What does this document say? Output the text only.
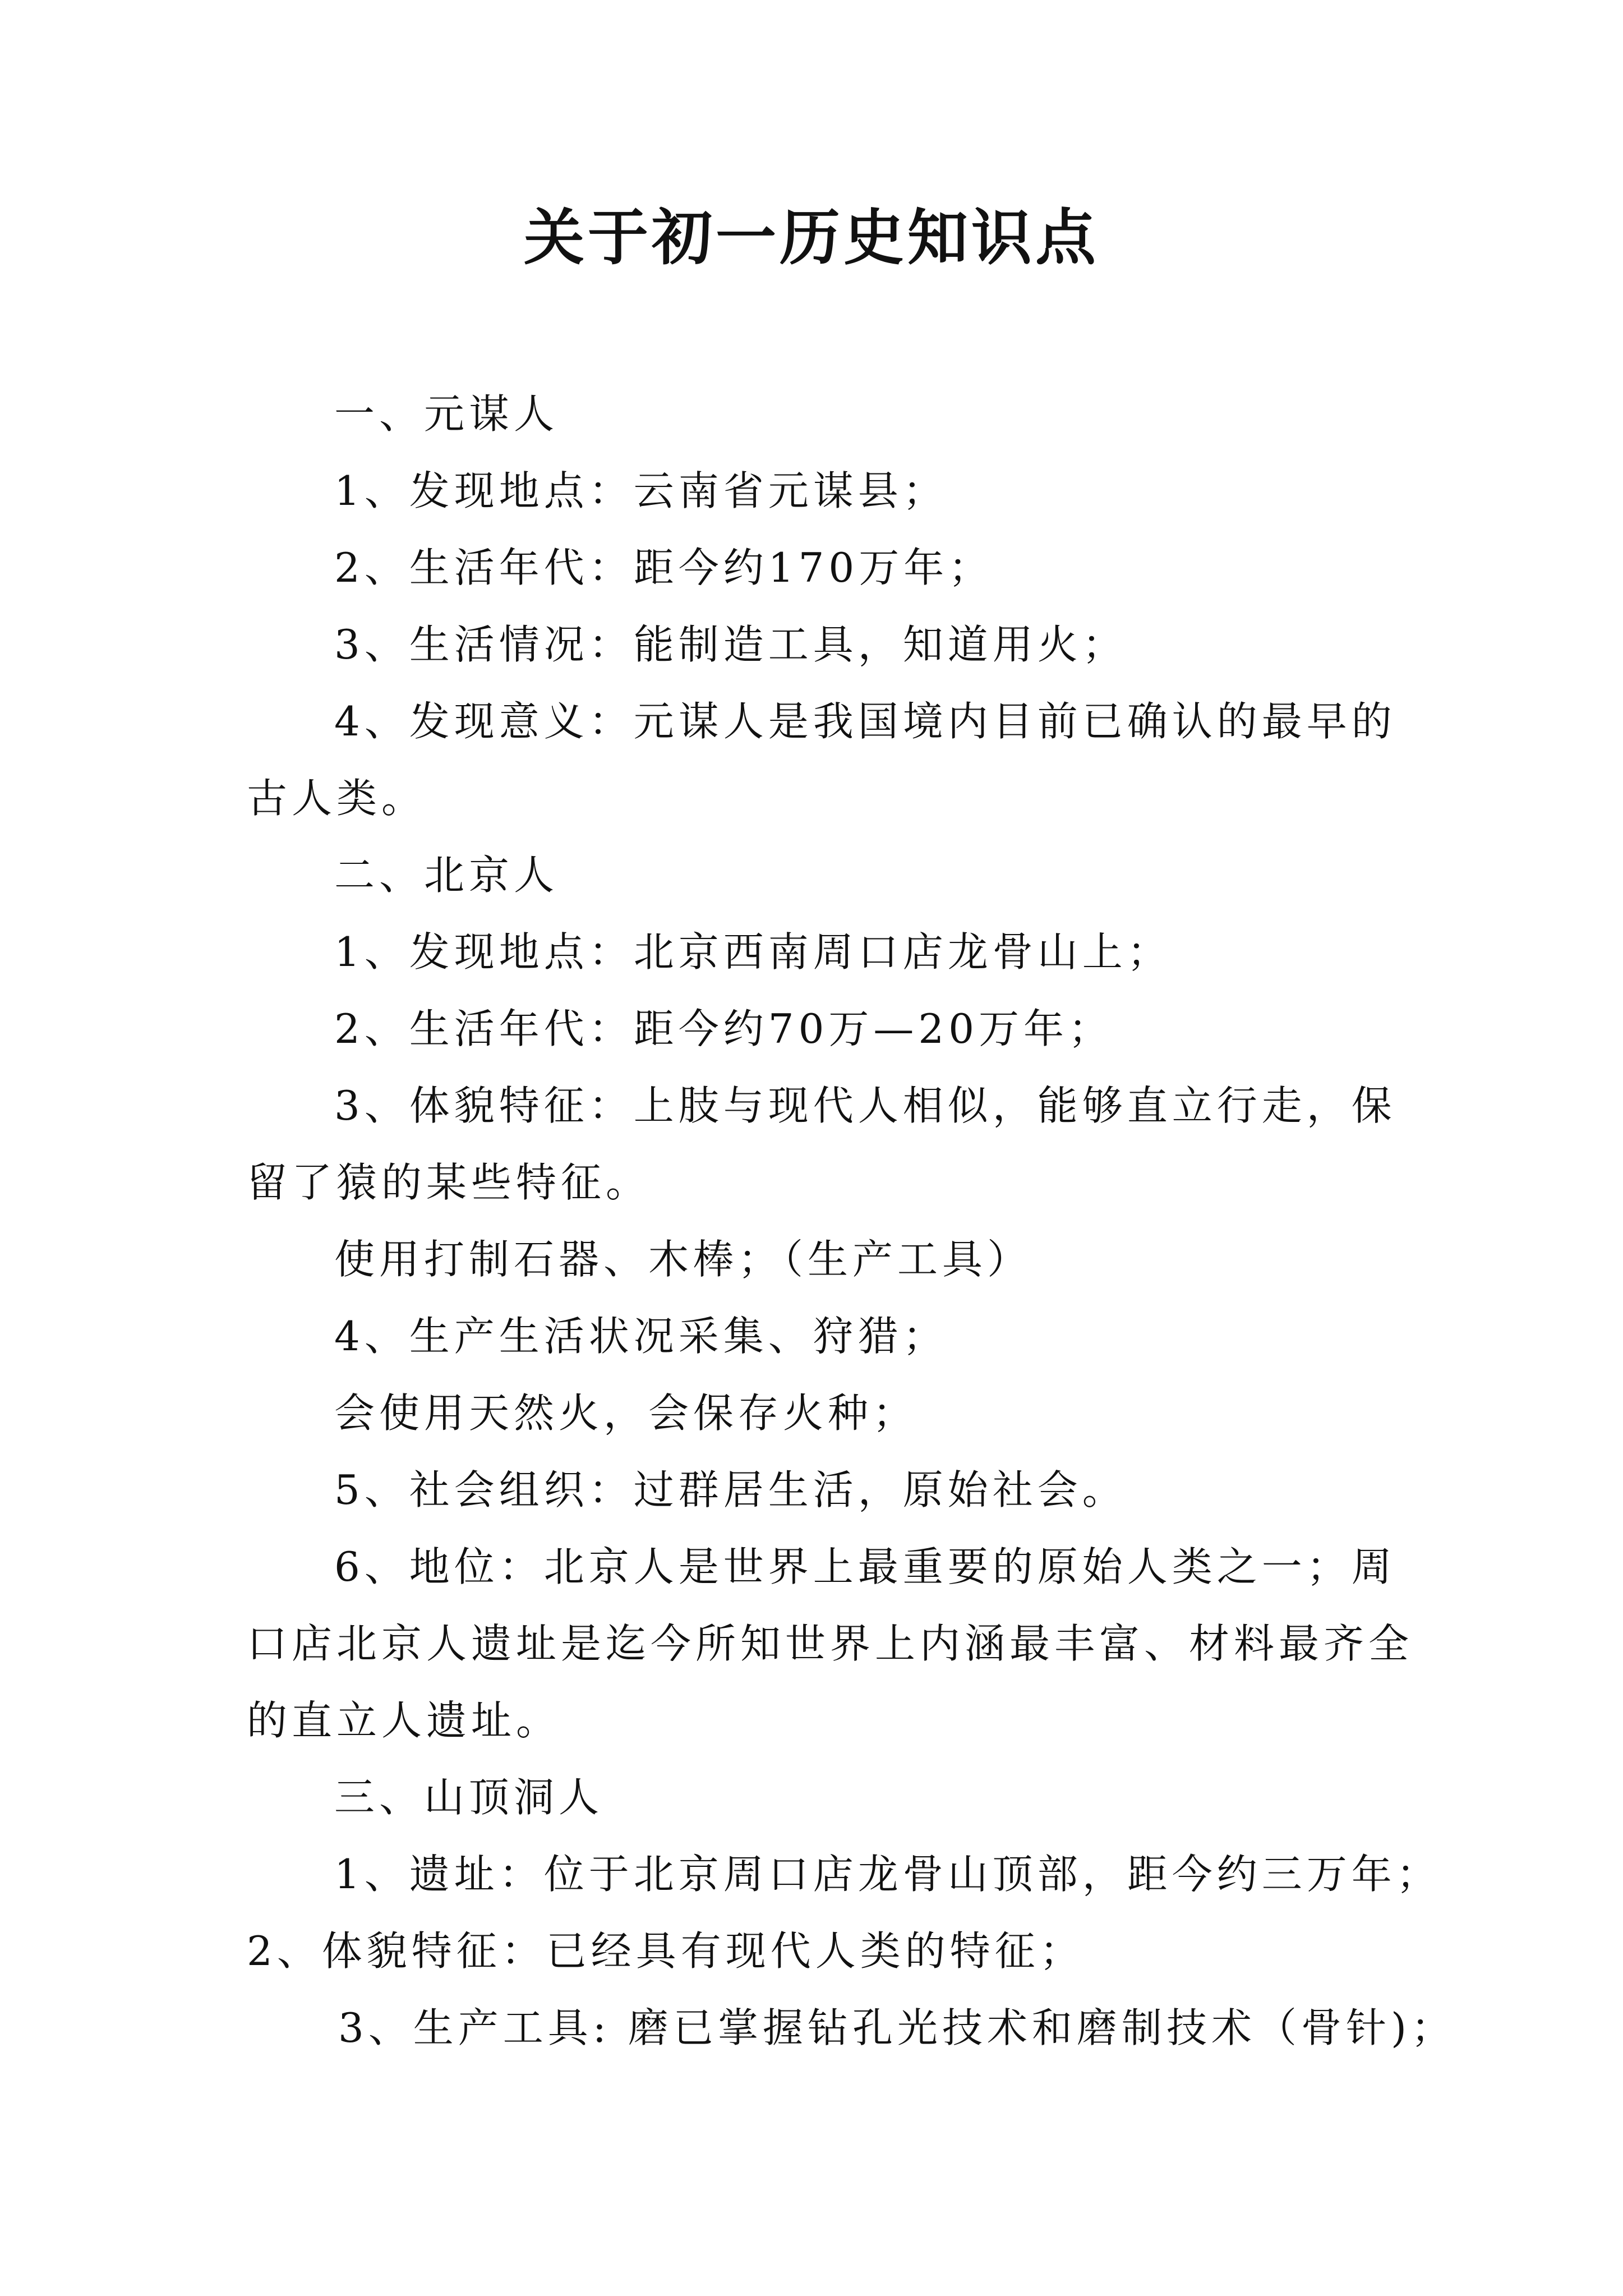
关于初一历史知识点
一、元谋人
1、发现地点：云南省元谋县；
2、生活年代：距今约170万年；
3、生活情况：能制造工具，知道用火；
4、发现意义：元谋人是我国境内目前已确认的最早的
古人类。
二、北京人
1、发现地点：北京西南周口店龙骨山上；
2、生活年代：距今约70万—20万年；
3、体貌特征：上肢与现代人相似，能够直立行走，保
留了猿的某些特征。
使用打制石器、木棒；（生产工具）
4、生产生活状况采集、狩猎；
会使用天然火，会保存火种；
5、社会组织：过群居生活，原始社会。
6、地位：北京人是世界上最重要的原始人类之一；周
口店北京人遗址是迄今所知世界上内涵最丰富、材料最齐全
的直立人遗址。
三、山顶洞人
1、遗址：位于北京周口店龙骨山顶部，距今约三万年；
2、体貌特征：已经具有现代人类的特征；
3、生产工具: 磨已掌握钻孔光技术和磨制技术（骨针)；
